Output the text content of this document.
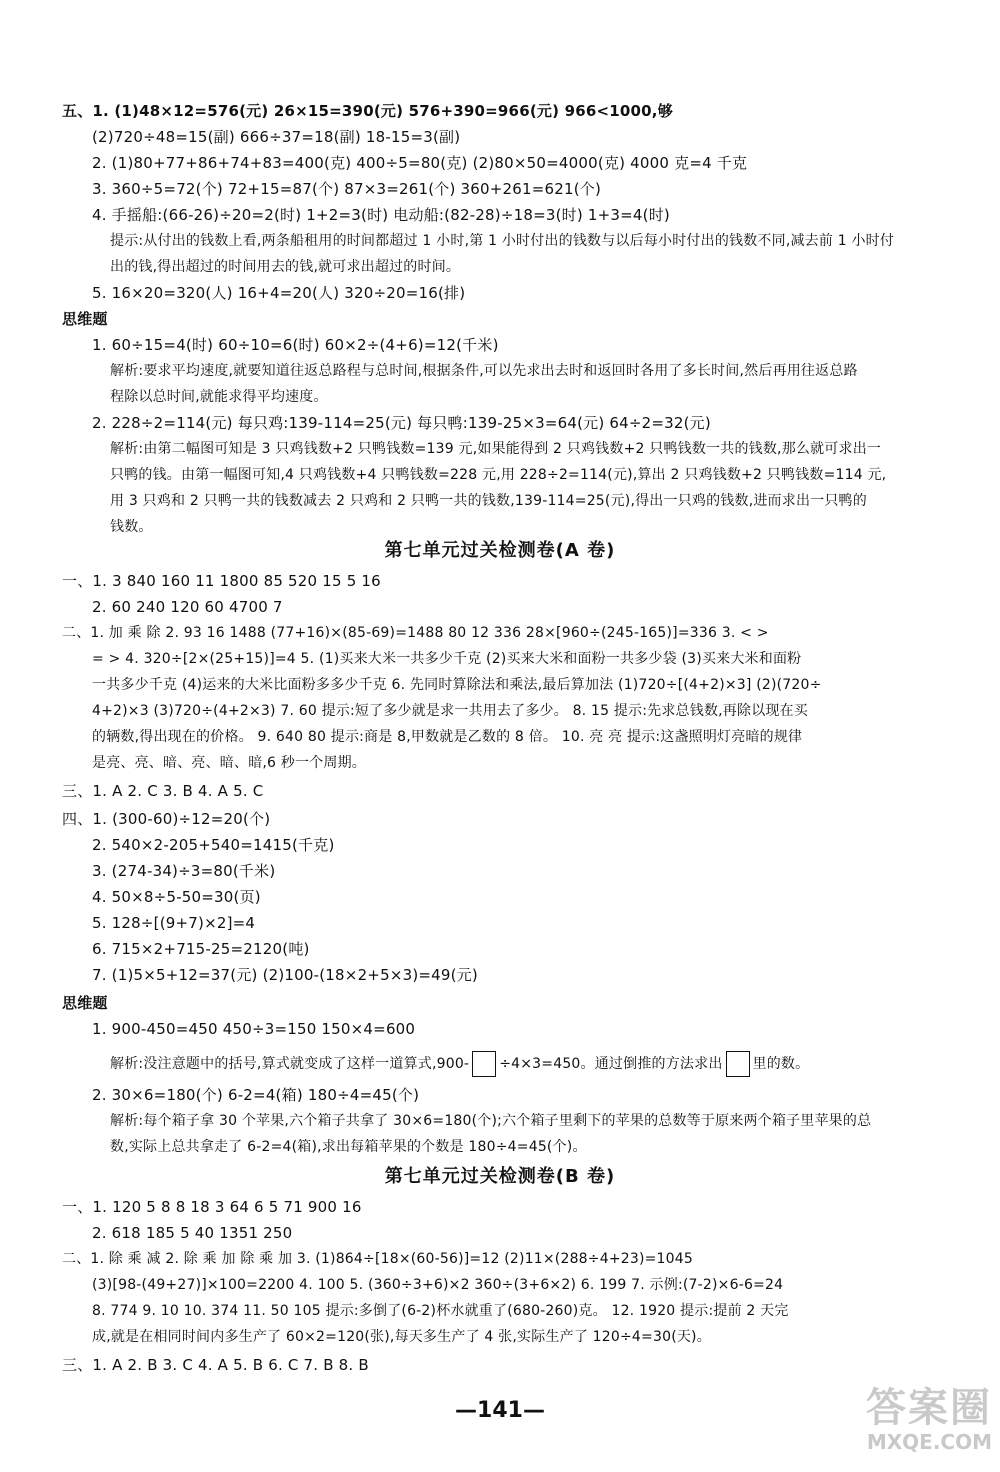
五、1. (1)48×12=576(元) 26×15=390(元) 576+390=966(元) 966<1000,够
(2)720÷48=15(副) 666÷37=18(副) 18-15=3(副)
2. (1)80+77+86+74+83=400(克) 400÷5=80(克) (2)80×50=4000(克) 4000 克=4 千克
3. 360÷5=72(个) 72+15=87(个) 87×3=261(个) 360+261=621(个)
4. 手摇船:(66-26)÷20=2(时) 1+2=3(时) 电动船:(82-28)÷18=3(时) 1+3=4(时)
提示:从付出的钱数上看,两条船租用的时间都超过 1 小时,第 1 小时付出的钱数与以后每小时付出的钱数不同,减去前 1 小时付
出的钱,得出超过的时间用去的钱,就可求出超过的时间。
5. 16×20=320(人) 16+4=20(人) 320÷20=16(排)
思维题
1. 60÷15=4(时) 60÷10=6(时) 60×2÷(4+6)=12(千米)
解析:要求平均速度,就要知道往返总路程与总时间,根据条件,可以先求出去时和返回时各用了多长时间,然后再用往返总路
程除以总时间,就能求得平均速度。
2. 228÷2=114(元) 每只鸡:139-114=25(元) 每只鸭:139-25×3=64(元) 64÷2=32(元)
解析:由第二幅图可知是 3 只鸡钱数+2 只鸭钱数=139 元,如果能得到 2 只鸡钱数+2 只鸭钱数一共的钱数,那么就可求出一
只鸭的钱。由第一幅图可知,4 只鸡钱数+4 只鸭钱数=228 元,用 228÷2=114(元),算出 2 只鸡钱数+2 只鸭钱数=114 元,
用 3 只鸡和 2 只鸭一共的钱数减去 2 只鸡和 2 只鸭一共的钱数,139-114=25(元),得出一只鸡的钱数,进而求出一只鸭的
钱数。
第七单元过关检测卷(A 卷)
一、1. 3 840 160 11 1800 85 520 15 5 16
2. 60 240 120 60 4700 7
二、1. 加 乘 除 2. 93 16 1488 (77+16)×(85-69)=1488 80 12 336 28×[960÷(245-165)]=336 3. < >
= > 4. 320÷[2×(25+15)]=4 5. (1)买来大米一共多少千克 (2)买来大米和面粉一共多少袋 (3)买来大米和面粉
一共多少千克 (4)运来的大米比面粉多多少千克 6. 先同时算除法和乘法,最后算加法 (1)720÷[(4+2)×3] (2)(720÷
4+2)×3 (3)720÷(4+2×3) 7. 60 提示:短了多少就是求一共用去了多少。 8. 15 提示:先求总钱数,再除以现在买
的辆数,得出现在的价格。 9. 640 80 提示:商是 8,甲数就是乙数的 8 倍。 10. 亮 亮 提示:这盏照明灯亮暗的规律
是亮、亮、暗、亮、暗、暗,6 秒一个周期。
三、1. A 2. C 3. B 4. A 5. C
四、1. (300-60)÷12=20(个)
2. 540×2-205+540=1415(千克)
3. (274-34)÷3=80(千米)
4. 50×8÷5-50=30(页)
5. 128÷[(9+7)×2]=4
6. 715×2+715-25=2120(吨)
7. (1)5×5+12=37(元) (2)100-(18×2+5×3)=49(元)
思维题
1. 900-450=450 450÷3=150 150×4=600
解析:没注意题中的括号,算式就变成了这样一道算式,900- ÷4×3=450。通过倒推的方法求出 里的数。
2. 30×6=180(个) 6-2=4(箱) 180÷4=45(个)
解析:每个箱子拿 30 个苹果,六个箱子共拿了 30×6=180(个);六个箱子里剩下的苹果的总数等于原来两个箱子里苹果的总
数,实际上总共拿走了 6-2=4(箱),求出每箱苹果的个数是 180÷4=45(个)。
第七单元过关检测卷(B 卷)
一、1. 120 5 8 8 18 3 64 6 5 71 900 16
2. 618 185 5 40 1351 250
二、1. 除 乘 减 2. 除 乘 加 除 乘 加 3. (1)864÷[18×(60-56)]=12 (2)11×(288÷4+23)=1045
(3)[98-(49+27)]×100=2200 4. 100 5. (360÷3+6)×2 360÷(3+6×2) 6. 199 7. 示例:(7-2)×6-6=24
8. 774 9. 10 10. 374 11. 50 105 提示:多倒了(6-2)杯水就重了(680-260)克。 12. 1920 提示:提前 2 天完
成,就是在相同时间内多生产了 60×2=120(张),每天多生产了 4 张,实际生产了 120÷4=30(天)。
三、1. A 2. B 3. C 4. A 5. B 6. C 7. B 8. B
—141—	答案圈
MXQE.COM
